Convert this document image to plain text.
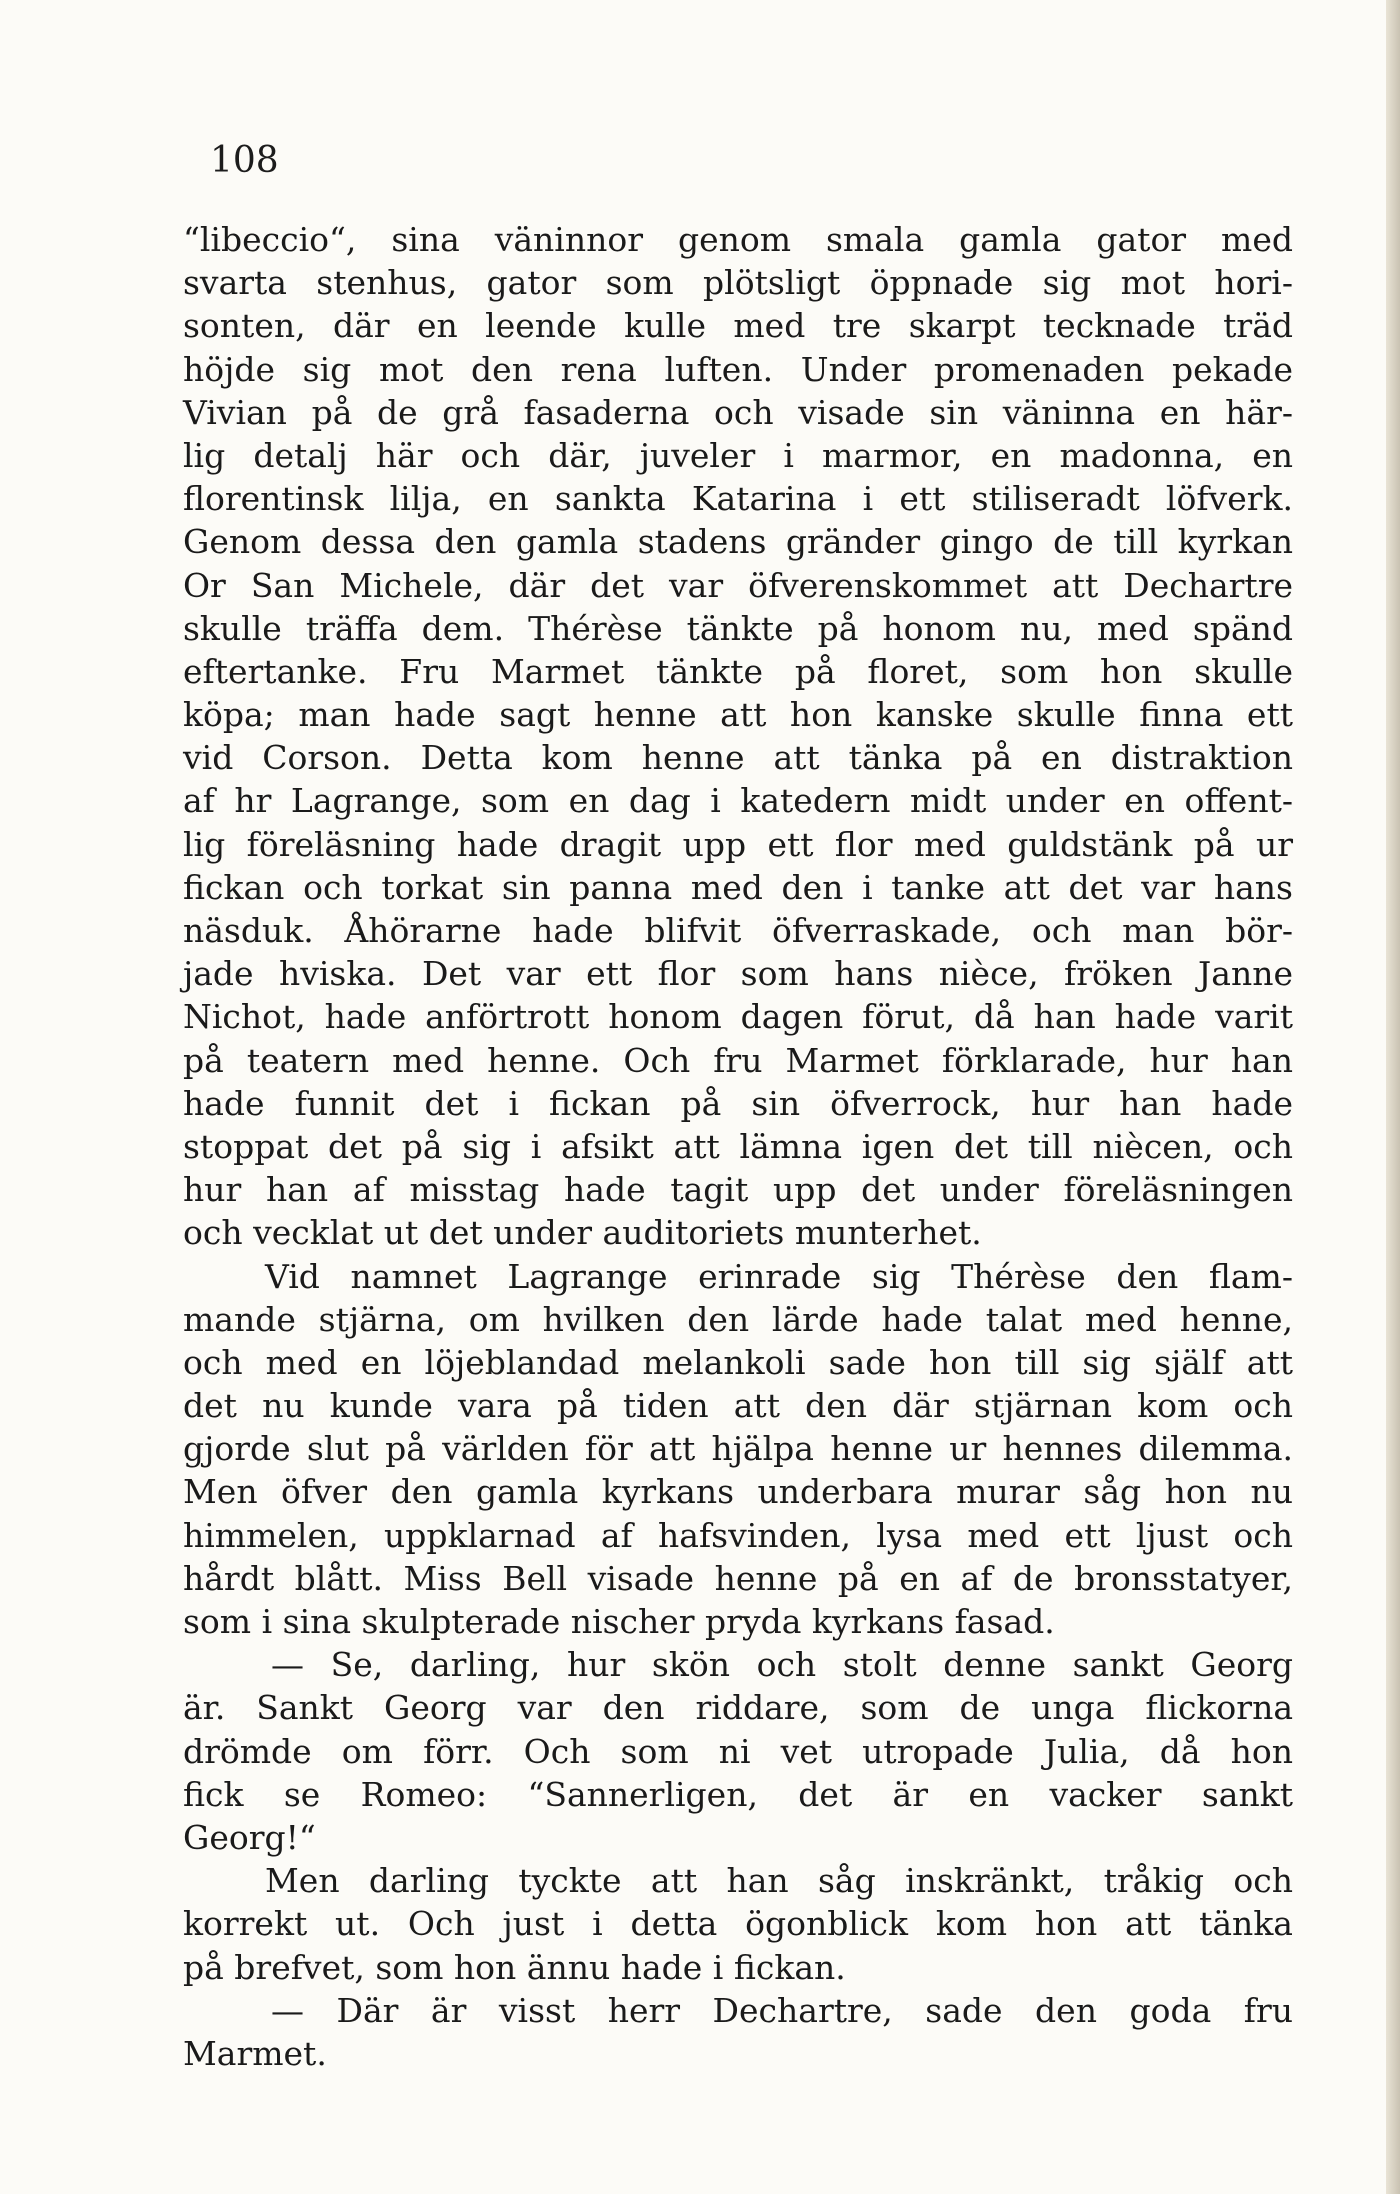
108

“libeccio“, sina väninnor genom smala gamla gator med
svarta stenhus, gator som plötsligt öppnade sig mot hori-
sonten, där en leende kulle med tre skarpt tecknade träd
höjde sig mot den rena luften. Under promenaden pekade
Vivian på de grå fasaderna och visade sin väninna en här-
lig detalj här och där, juveler i marmor, en madonna, en
florentinsk lilja, en sankta Katarina i ett stiliseradt löfverk.
Genom dessa den gamla stadens gränder gingo de till kyrkan
Or San Michele, där det var öfverenskommet att Dechartre
skulle träffa dem. Thérèse tänkte på honom nu, med spänd
eftertanke. Fru Marmet tänkte på floret, som hon skulle
köpa; man hade sagt henne att hon kanske skulle finna ett
vid Corson. Detta kom henne att tänka på en distraktion
af hr Lagrange, som en dag i katedern midt under en offent-
lig föreläsning hade dragit upp ett flor med guldstänk på ur
fickan och torkat sin panna med den i tanke att det var hans
näsduk. Åhörarne hade blifvit öfverraskade, och man bör-
jade hviska. Det var ett flor som hans nièce, fröken Janne
Nichot, hade anförtrott honom dagen förut, då han hade varit
på teatern med henne. Och fru Marmet förklarade, hur han
hade funnit det i fickan på sin öfverrock, hur han hade
stoppat det på sig i afsikt att lämna igen det till niècen, och
hur han af misstag hade tagit upp det under föreläsningen
och vecklat ut det under auditoriets munterhet.
Vid namnet Lagrange erinrade sig Thérèse den flam-
mande stjärna, om hvilken den lärde hade talat med henne,
och med en löjeblandad melankoli sade hon till sig själf att
det nu kunde vara på tiden att den där stjärnan kom och
gjorde slut på världen för att hjälpa henne ur hennes dilemma.
Men öfver den gamla kyrkans underbara murar såg hon nu
himmelen, uppklarnad af hafsvinden, lysa med ett ljust och
hårdt blått. Miss Bell visade henne på en af de bronsstatyer,
som i sina skulpterade nischer pryda kyrkans fasad.
— Se, darling, hur skön och stolt denne sankt Georg
är. Sankt Georg var den riddare, som de unga flickorna
drömde om förr. Och som ni vet utropade Julia, då hon
fick se Romeo: “Sannerligen, det är en vacker sankt
Georg!“
Men darling tyckte att han såg inskränkt, tråkig och
korrekt ut. Och just i detta ögonblick kom hon att tänka
på brefvet, som hon ännu hade i fickan.
— Där är visst herr Dechartre, sade den goda fru
Marmet.
